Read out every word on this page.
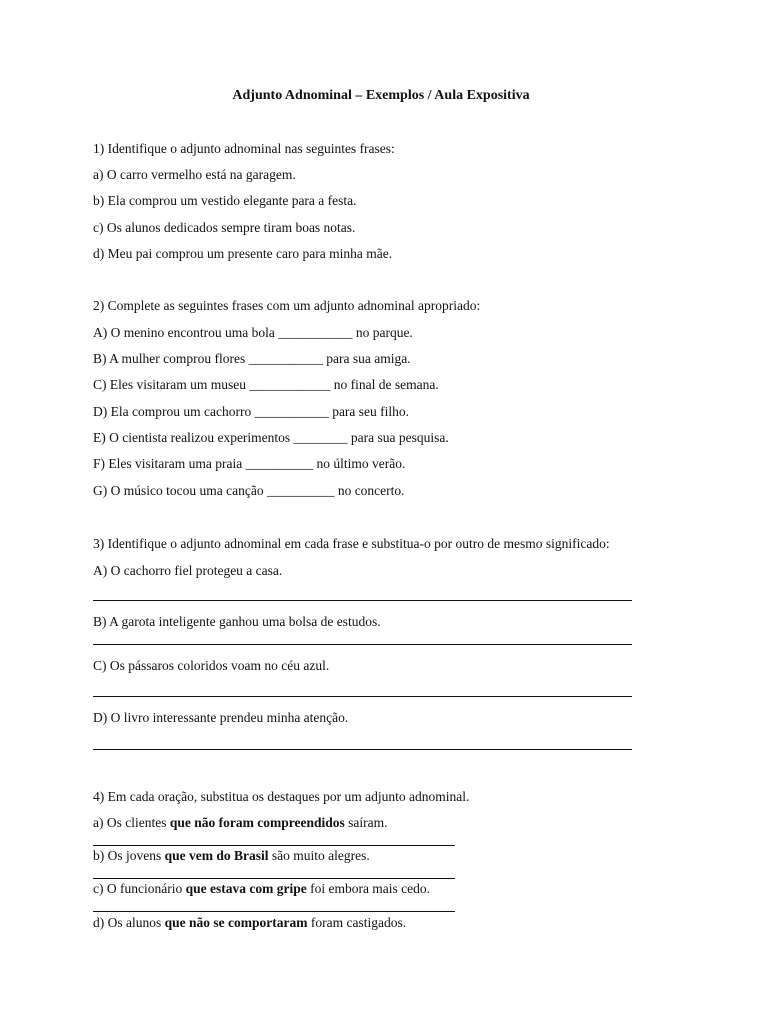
Adjunto Adnominal – Exemplos / Aula Expositiva
1) Identifique o adjunto adnominal nas seguintes frases:
a) O carro vermelho está na garagem.
b) Ela comprou um vestido elegante para a festa.
c) Os alunos dedicados sempre tiram boas notas.
d) Meu pai comprou um presente caro para minha mãe.
2) Complete as seguintes frases com um adjunto adnominal apropriado:
A) O menino encontrou uma bola ___________ no parque.
B) A mulher comprou flores ___________ para sua amiga.
C) Eles visitaram um museu ____________ no final de semana.
D) Ela comprou um cachorro ___________ para seu filho.
E) O cientista realizou experimentos ________ para sua pesquisa.
F) Eles visitaram uma praia __________ no último verão.
G) O músico tocou uma canção __________ no concerto.
3) Identifique o adjunto adnominal em cada frase e substitua-o por outro de mesmo significado:
A) O cachorro fiel protegeu a casa.
B) A garota inteligente ganhou uma bolsa de estudos.
C) Os pássaros coloridos voam no céu azul.
D) O livro interessante prendeu minha atenção.
4) Em cada oração, substitua os destaques por um adjunto adnominal.
a) Os clientes que não foram compreendidos saíram.
b) Os jovens que vem do Brasil são muito alegres.
c) O funcionário que estava com gripe foi embora mais cedo.
d) Os alunos que não se comportaram foram castigados.
